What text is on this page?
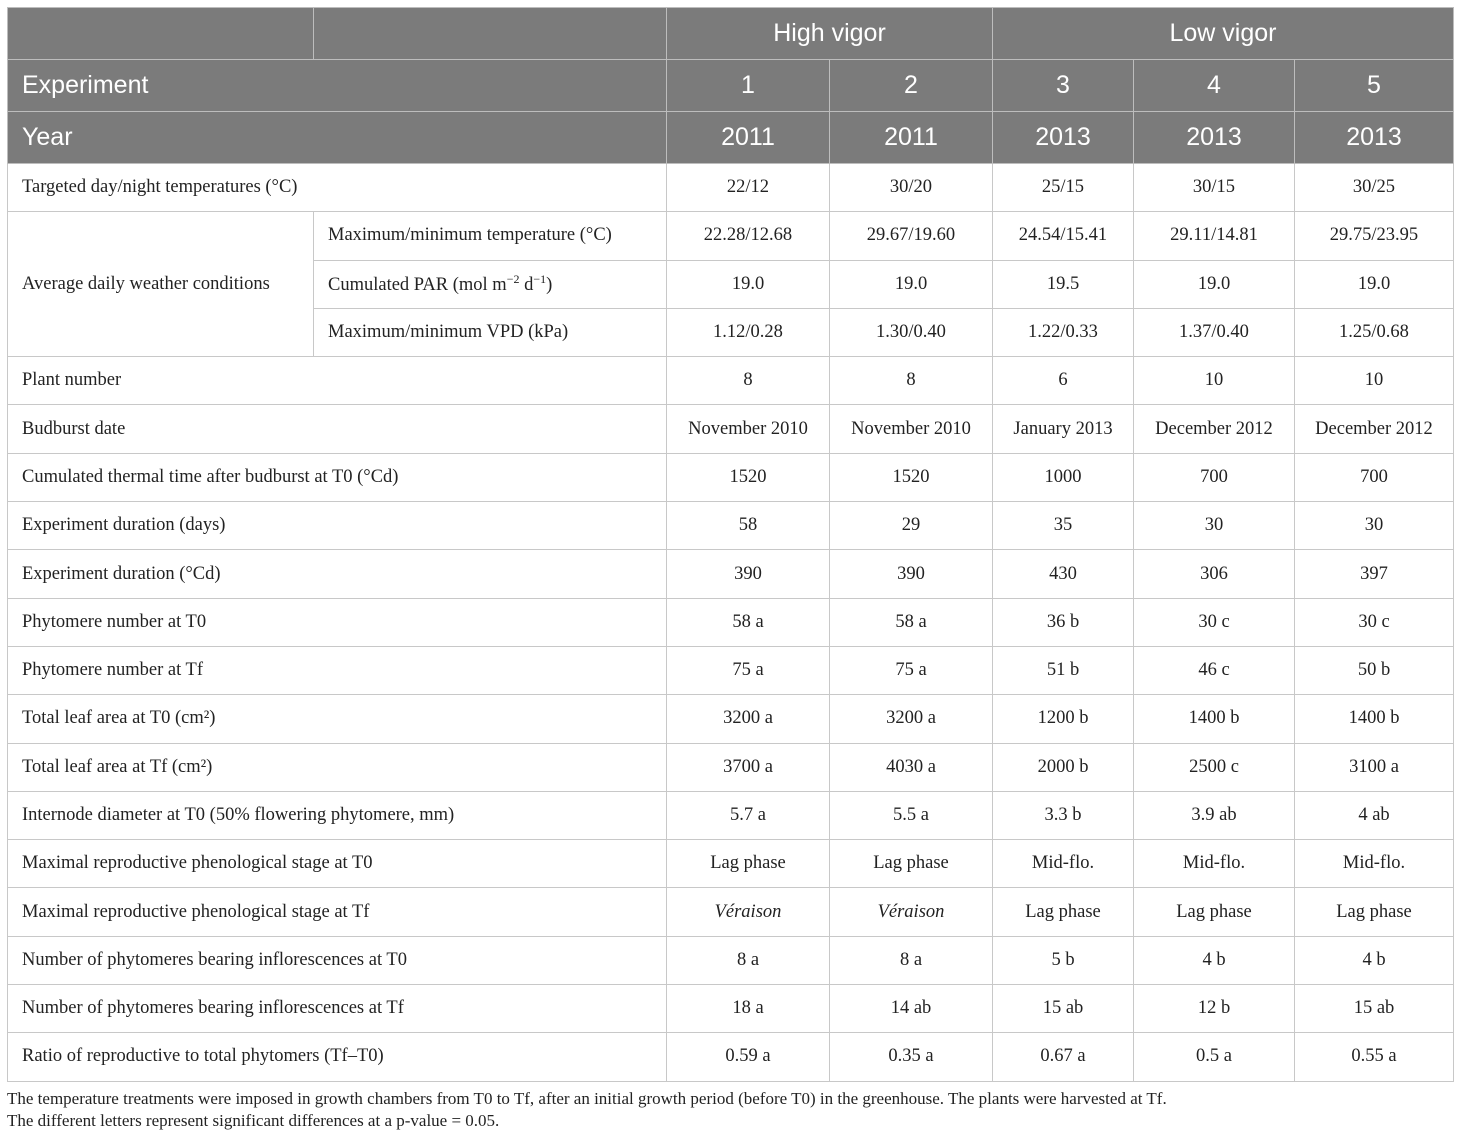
		High vigor		Low vigor		
Experiment		1	2	3	4	5
Year		2011	2011	2013	2013	2013
Targeted day/night temperatures (°C)		22/12	30/20	25/15	30/15	30/25
Average daily weather conditions	Maximum/minimum temperature (°C)	22.28/12.68	29.67/19.60	24.54/15.41	29.11/14.81	29.75/23.95
	Cumulated PAR (mol $m^{-2}$ $d^{-1}$)	19.0	19.0	19.5	19.0	19.0
	Maximum/minimum VPD (kPa)	1.12/0.28	1.30/0.40	1.22/0.33	1.37/0.40	1.25/0.68
Plant number		8	8	6	10	10
Budburst date		November 2010	November 2010	January 2013	December 2012	December 2012
Cumulated thermal time after budburst at T0 (°Cd)		1520	1520	1000	700	700
Experiment duration (days)		58	29	35	30	30
Experiment duration (°Cd)		390	390	430	306	397
Phytomere number at T0		58 a	58 a	36 b	30 c	30 c
Phytomere number at Tf		75 a	75 a	51 b	46 c	50 b
Total leaf area at T0 (cm²)		3200 a	3200 a	1200 b	1400 b	1400 b
Total leaf area at Tf (cm²)		3700 a	4030 a	2000 b	2500 c	3100 a
Internode diameter at T0 (50% flowering phytomere, mm)		5.7 a	5.5 a	3.3 b	3.9 ab	4 ab
Maximal reproductive phenological stage at T0		Lag phase	Lag phase	Mid-flo.	Mid-flo.	Mid-flo.
Maximal reproductive phenological stage at Tf		Véraison	Véraison	Lag phase	Lag phase	Lag phase
Number of phytomeres bearing inflorescences at T0		8 a	8 a	5 b	4 b	4 b
Number of phytomeres bearing inflorescences at Tf		18 a	14 ab	15 ab	12 b	15 ab
Ratio of reproductive to total phytomers (Tf–T0)		0.59 a	0.35 a	0.67 a	0.5 a	0.55 a
The temperature treatments were imposed in growth chambers from T0 to Tf, after an initial growth period (before T0) in the greenhouse. The plants were harvested at Tf.
The different letters represent significant differences at a p-value = 0.05.
